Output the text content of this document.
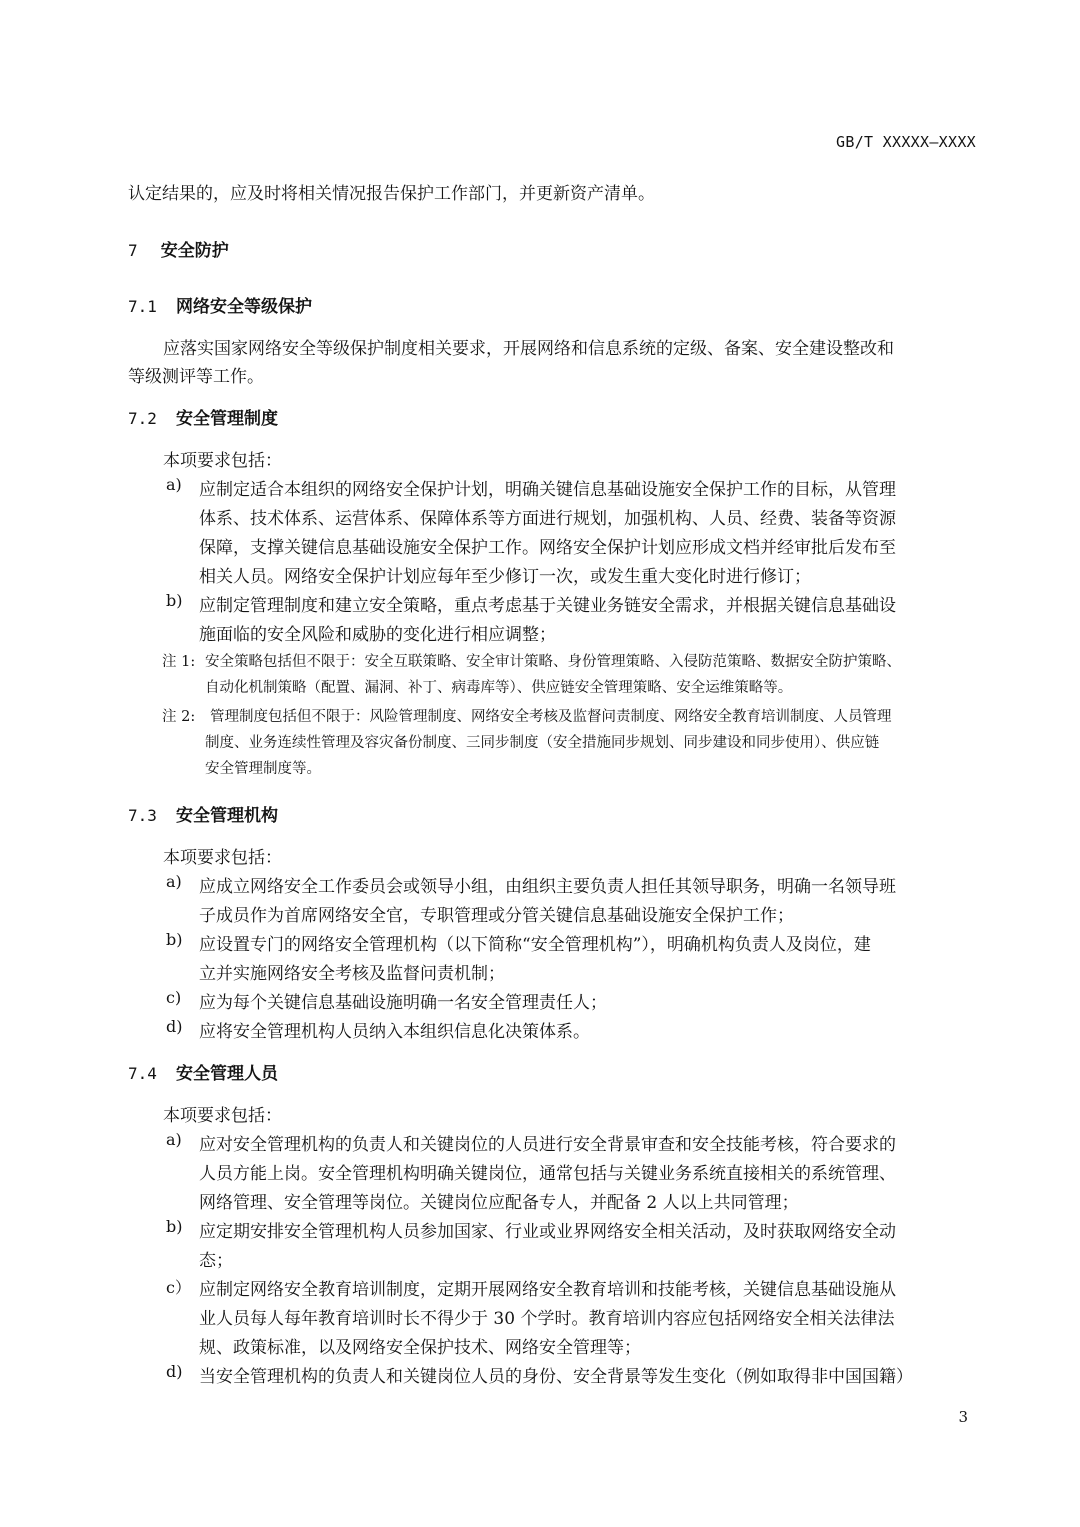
GB/T XXXXX—XXXX
认定结果的，应及时将相关情况报告保护工作部门，并更新资产清单。
7 安全防护
7.1 网络安全等级保护
应落实国家网络安全等级保护制度相关要求，开展网络和信息系统的定级、备案、安全建设整改和
等级测评等工作。
7.2 安全管理制度
本项要求包括：
a) 应制定适合本组织的网络安全保护计划，明确关键信息基础设施安全保护工作的目标，从管理
体系、技术体系、运营体系、保障体系等方面进行规划，加强机构、人员、经费、装备等资源
保障，支撑关键信息基础设施安全保护工作。网络安全保护计划应形成文档并经审批后发布至
相关人员。网络安全保护计划应每年至少修订一次，或发生重大变化时进行修订；
b) 应制定管理制度和建立安全策略，重点考虑基于关键业务链安全需求，并根据关键信息基础设
施面临的安全风险和威胁的变化进行相应调整；
注 1: 安全策略包括但不限于：安全互联策略、安全审计策略、身份管理策略、入侵防范策略、数据安全防护策略、
自动化机制策略（配置、漏洞、补丁、病毒库等）、供应链安全管理策略、安全运维策略等。
注 2: 管理制度包括但不限于：风险管理制度、网络安全考核及监督问责制度、网络安全教育培训制度、人员管理
制度、业务连续性管理及容灾备份制度、三同步制度（安全措施同步规划、同步建设和同步使用）、供应链
安全管理制度等。
7.3 安全管理机构
本项要求包括：
a) 应成立网络安全工作委员会或领导小组，由组织主要负责人担任其领导职务，明确一名领导班
子成员作为首席网络安全官，专职管理或分管关键信息基础设施安全保护工作；
b) 应设置专门的网络安全管理机构（以下简称“安全管理机构”），明确机构负责人及岗位，建
立并实施网络安全考核及监督问责机制；
c) 应为每个关键信息基础设施明确一名安全管理责任人；
d) 应将安全管理机构人员纳入本组织信息化决策体系。
7.4 安全管理人员
本项要求包括：
a) 应对安全管理机构的负责人和关键岗位的人员进行安全背景审查和安全技能考核，符合要求的
人员方能上岗。安全管理机构明确关键岗位，通常包括与关键业务系统直接相关的系统管理、
网络管理、安全管理等岗位。关键岗位应配备专人，并配备 2 人以上共同管理；
b) 应定期安排安全管理机构人员参加国家、行业或业界网络安全相关活动，及时获取网络安全动
态；
c） 应制定网络安全教育培训制度，定期开展网络安全教育培训和技能考核，关键信息基础设施从
业人员每人每年教育培训时长不得少于 30 个学时。教育培训内容应包括网络安全相关法律法
规、政策标准，以及网络安全保护技术、网络安全管理等；
d) 当安全管理机构的负责人和关键岗位人员的身份、安全背景等发生变化（例如取得非中国国籍）
3
